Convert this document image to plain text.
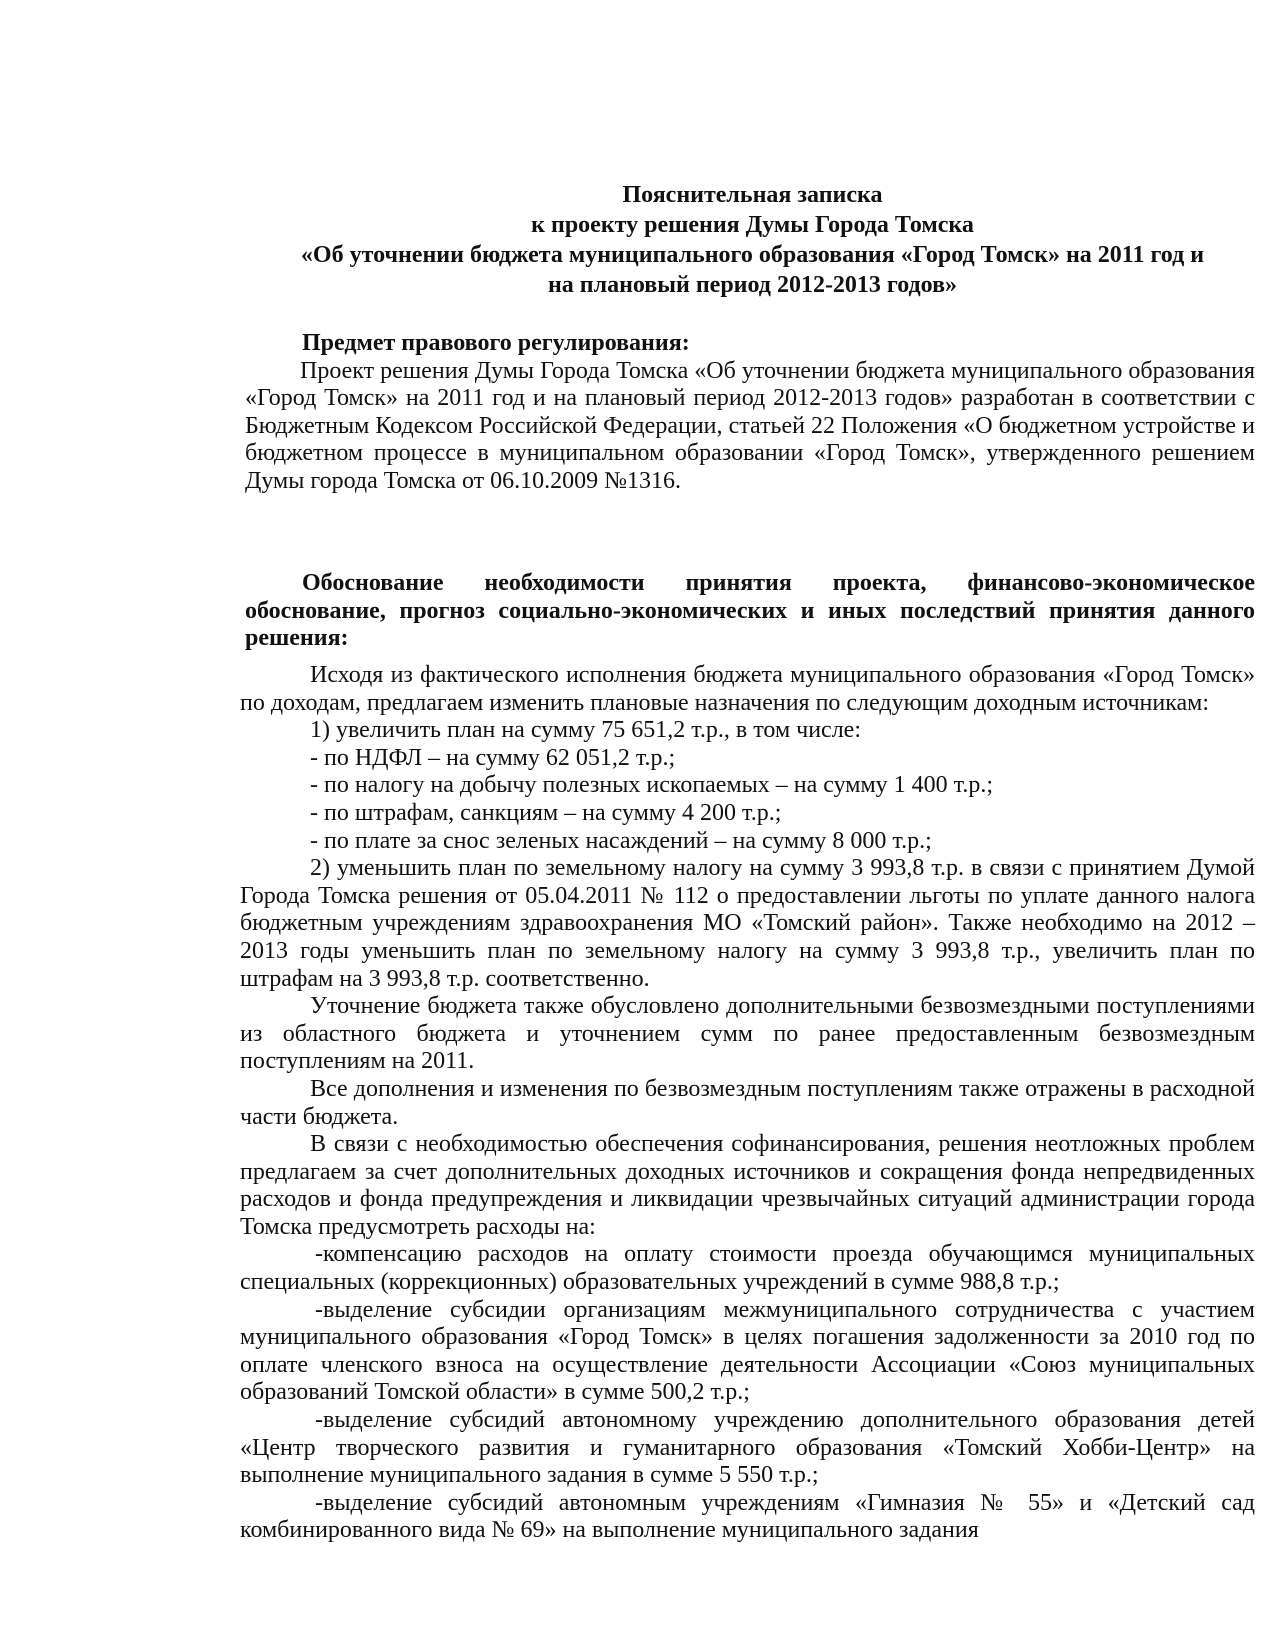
Пояснительная записка
к проекту решения Думы Города Томска
«Об уточнении бюджета муниципального образования «Город Томск» на 2011 год и
на плановый период 2012-2013 годов»
Предмет правового регулирования:

Проект решения Думы Города Томска «Об уточнении бюджета муниципального образования «Город Томск» на 2011 год и на плановый период 2012-2013 годов» разработан в соответствии с Бюджетным Кодексом Российской Федерации, статьей 22 Положения «О бюджетном устройстве и бюджетном процессе в муниципальном образовании «Город Томск», утвержденного решением Думы города Томска от 06.10.2009 №1316.

Обоснование необходимости принятия проекта, финансово-экономическое обоснование, прогноз социально-экономических и иных последствий принятия данного решения:

Исходя из фактического исполнения бюджета муниципального образования «Город Томск» по доходам, предлагаем изменить плановые назначения по следующим доходным источникам:

1) увеличить план на сумму 75 651,2 т.р., в том числе:

- по НДФЛ – на сумму 62 051,2 т.р.;

- по налогу на добычу полезных ископаемых – на сумму 1 400 т.р.;

- по штрафам, санкциям – на сумму 4 200 т.р.;

- по плате за снос зеленых насаждений – на сумму 8 000 т.р.;

2) уменьшить план по земельному налогу на сумму 3 993,8 т.р. в связи с принятием Думой Города Томска решения от 05.04.2011 № 112 о предоставлении льготы по уплате данного налога бюджетным учреждениям здравоохранения МО «Томский район». Также необходимо на 2012 – 2013 годы уменьшить план по земельному налогу на сумму 3 993,8 т.р., увеличить план по штрафам на 3 993,8 т.р. соответственно.

Уточнение бюджета также обусловлено дополнительными безвозмездными поступлениями из областного бюджета и уточнением сумм по ранее предоставленным безвозмездным поступлениям на 2011.

Все дополнения и изменения по безвозмездным поступлениям также отражены в расходной части бюджета.

В связи с необходимостью обеспечения софинансирования, решения неотложных проблем предлагаем за счет дополнительных доходных источников и сокращения фонда непредвиденных расходов и фонда предупреждения и ликвидации чрезвычайных ситуаций администрации города Томска предусмотреть расходы на:

-компенсацию расходов на оплату стоимости проезда обучающимся муниципальных специальных (коррекционных) образовательных учреждений в сумме 988,8 т.р.;

-выделение субсидии организациям межмуниципального сотрудничества с участием муниципального образования «Город Томск» в целях погашения задолженности за 2010 год по оплате членского взноса на осуществление деятельности Ассоциации «Союз муниципальных образований Томской области» в сумме 500,2 т.р.;

-выделение субсидий автономному учреждению дополнительного образования детей «Центр творческого развития и гуманитарного образования «Томский Хобби-Центр» на выполнение муниципального задания в сумме 5 550 т.р.;

-выделение субсидий автономным учреждениям «Гимназия № 55» и «Детский сад комбинированного вида № 69» на выполнение муниципального задания
